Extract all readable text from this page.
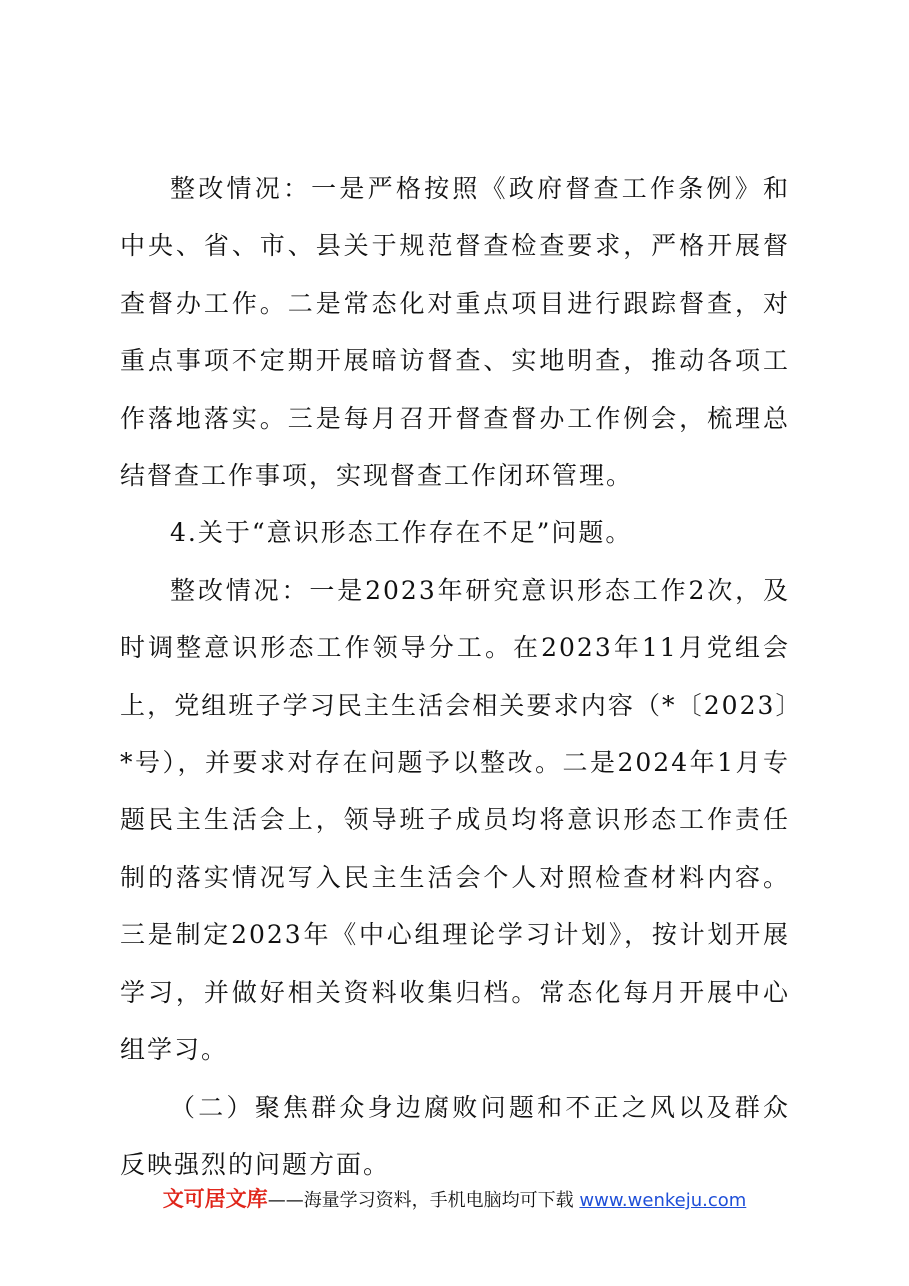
整改情况：一是严格按照《政府督查工作条例》和中央、省、市、县关于规范督查检查要求，严格开展督查督办工作。二是常态化对重点项目进行跟踪督查，对重点事项不定期开展暗访督查、实地明查，推动各项工作落地落实。三是每月召开督查督办工作例会，梳理总结督查工作事项，实现督查工作闭环管理。

4.关于“意识形态工作存在不足”问题。

整改情况：一是2023年研究意识形态工作2次，及时调整意识形态工作领导分工。在2023年11月党组会上，党组班子学习民主生活会相关要求内容（*〔2023〕*号），并要求对存在问题予以整改。二是2024年1月专题民主生活会上，领导班子成员均将意识形态工作责任制的落实情况写入民主生活会个人对照检查材料内容。三是制定2023年《中心组理论学习计划》，按计划开展学习，并做好相关资料收集归档。常态化每月开展中心组学习。

（二）聚焦群众身边腐败问题和不正之风以及群众反映强烈的问题方面。

文可居文库——海量学习资料，手机电脑均可下载 www.wenkeju.com
